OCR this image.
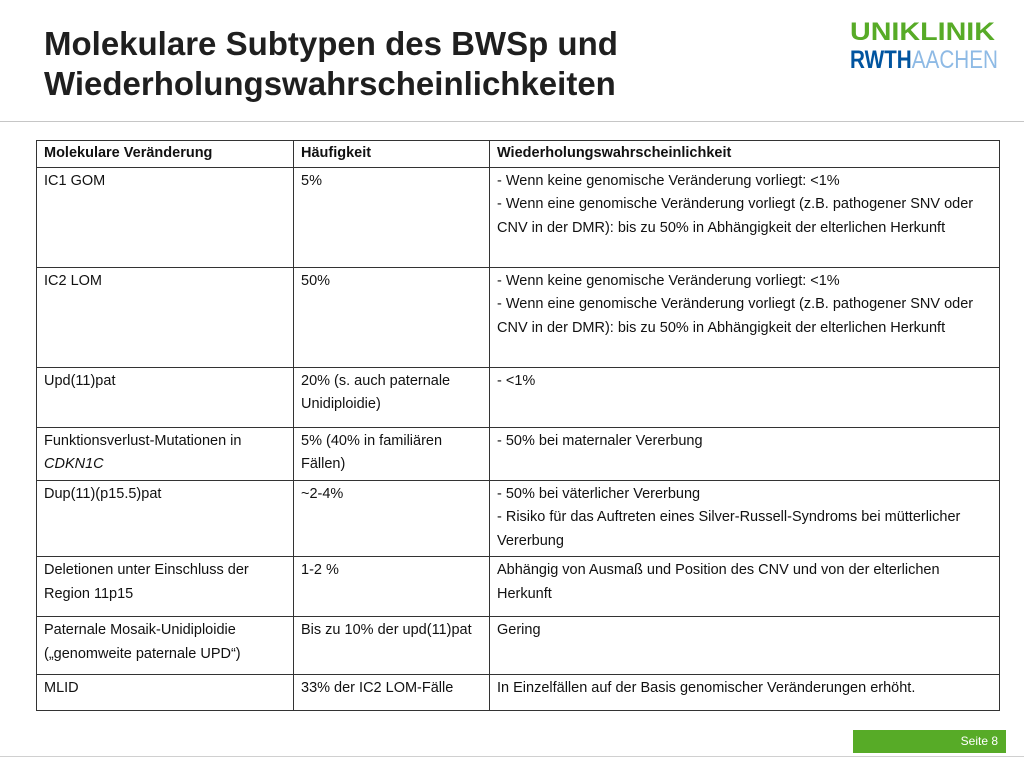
Molekulare Subtypen des BWSp und
Wiederholungswahrscheinlichkeiten
UNIKLINIK
RWTHAACHEN
Molekulare Veränderung	Häufigkeit	Wiederholungswahrscheinlichkeit
IC1 GOM	5%	- Wenn keine genomische Veränderung vorliegt: <1%
- Wenn eine genomische Veränderung vorliegt (z.B. pathogener SNV oder CNV in der DMR): bis zu 50% in Abhängigkeit der elterlichen Herkunft

IC2 LOM	50%	- Wenn keine genomische Veränderung vorliegt: <1%
- Wenn eine genomische Veränderung vorliegt (z.B. pathogener SNV oder CNV in der DMR): bis zu 50% in Abhängigkeit der elterlichen Herkunft

Upd(11)pat	20% (s. auch paternale Unidiploidie)	- <1%

Funktionsverlust-Mutationen in
CDKN1C	5% (40% in familiären Fällen)	- 50% bei maternaler Vererbung

Dup(11)(p15.5)pat	~2-4%	- 50% bei väterlicher Vererbung
- Risiko für das Auftreten eines Silver-Russell-Syndroms bei mütterlicher Vererbung

Deletionen unter Einschluss der Region 11p15	1-2 %	Abhängig von Ausmaß und Position des CNV und von der elterlichen Herkunft

Paternale Mosaik-Unidiploidie („genomweite paternale UPD“)	Bis zu 10% der upd(11)pat	Gering

MLID	33% der IC2 LOM-Fälle	In Einzelfällen auf der Basis genomischer Veränderungen erhöht.
Seite 8
